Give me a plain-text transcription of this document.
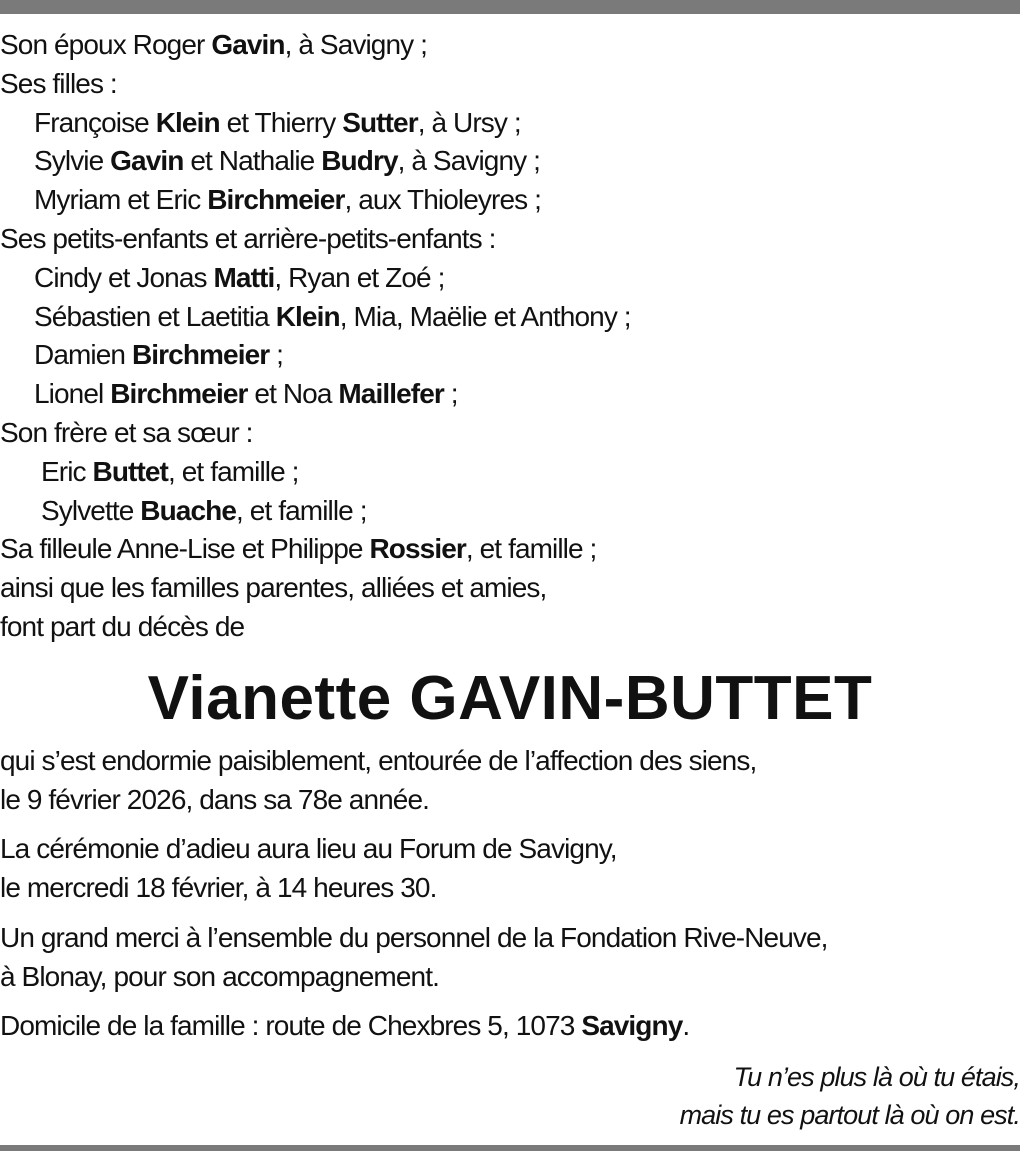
Son époux Roger Gavin, à Savigny ;
Ses filles :
Françoise Klein et Thierry Sutter, à Ursy ;
Sylvie Gavin et Nathalie Budry, à Savigny ;
Myriam et Eric Birchmeier, aux Thioleyres ;
Ses petits-enfants et arrière-petits-enfants :
Cindy et Jonas Matti, Ryan et Zoé ;
Sébastien et Laetitia Klein, Mia, Maëlie et Anthony ;
Damien Birchmeier ;
Lionel Birchmeier et Noa Maillefer ;
Son frère et sa sœur :
Eric Buttet, et famille ;
Sylvette Buache, et famille ;
Sa filleule Anne-Lise et Philippe Rossier, et famille ;
ainsi que les familles parentes, alliées et amies,
font part du décès de
Vianette GAVIN-BUTTET
qui s’est endormie paisiblement, entourée de l’affection des siens,
le 9 février 2026, dans sa 78e année.
La cérémonie d’adieu aura lieu au Forum de Savigny,
le mercredi 18 février, à 14 heures 30.
Un grand merci à l’ensemble du personnel de la Fondation Rive-Neuve,
à Blonay, pour son accompagnement.
Domicile de la famille : route de Chexbres 5, 1073 Savigny.
Tu n’es plus là où tu étais,
mais tu es partout là où on est.
